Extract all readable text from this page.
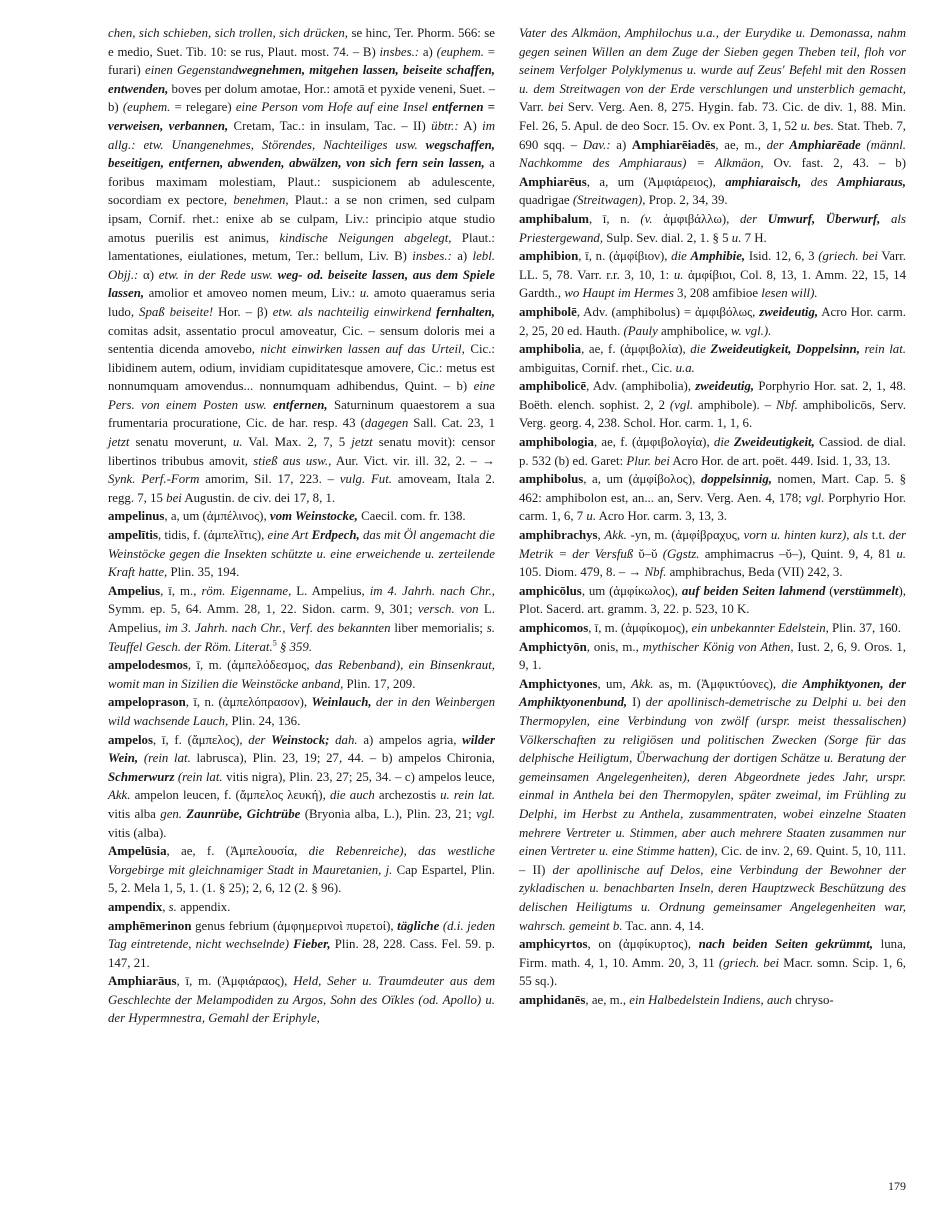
chen, sich schieben, sich trollen, sich drücken, se hinc, Ter. Phorm. 566: se e medio, Suet. Tib. 10: se rus, Plaut. most. 74. – B) insbes.: a) (euphem. = furari) einen Gegenstandwegnehmen, mitgehen lassen, beiseite schaffen, entwenden, boves per dolum amotae, Hor.: amotā et pyxide veneni, Suet. – b) (euphem. = relegare) eine Person vom Hofe auf eine Insel entfernen = verweisen, verbannen, Cretam, Tac.: in insulam, Tac. – II) übtr.: A) im allg.: etw. Unangenehmes, Störendes, Nachteiliges usw. wegschaffen, beseitigen, entfernen, abwenden, abwälzen, von sich fern sein lassen, a foribus maximam molestiam, Plaut.: suspicionem ab adulescente, socordiam ex pectore, benehmen, Plaut.: a se non crimen, sed culpam ipsam, Cornif. rhet.: enixe ab se culpam, Liv.: principio atque studio amotus puerilis est animus, kindische Neigungen abgelegt, Plaut.: lamentationes, eiulationes, metum, Ter.: bellum, Liv. B) insbes.: a) lebl. Objj.: α) etw. in der Rede usw. weg- od. beiseite lassen, aus dem Spiele lassen, amolior et amoveo nomen meum, Liv.: u. amoto quaeramus seria ludo, Spaß beiseite! Hor. – β) etw. als nachteilig einwirkend fernhalten, comitas adsit, assentatio procul amoveatur, Cic. – sensum doloris mei a sententia dicenda amovebo, nicht einwirken lassen auf das Urteil, Cic.: libidinem autem, odium, invidiam cupiditatesque amovere, Cic.: metus est nonnumquam amovendus... nonnumquam adhibendus, Quint. – b) eine Pers. von einem Posten usw. entfernen, Saturninum quaestorem a sua frumentaria procuratione, Cic. de har. resp. 43 (dagegen Sall. Cat. 23, 1 jetzt senatu moverunt, u. Val. Max. 2, 7, 5 jetzt senatu movit): censor libertinos tribubus amovit, stieß aus usw., Aur. Vict. vir. ill. 32, 2. – → Synk. Perf.-Form amorim, Sil. 17, 223. – vulg. Fut. amoveam, Itala 2. regg. 7, 15 bei Augustin. de civ. dei 17, 8, 1.

ampelinus, a, um (ἀμπέλινος), vom Weinstocke, Caecil. com. fr. 138.

ampelītis, tidis, f. (ἀμπελῖτις), eine Art Erdpech, das mit Öl angemacht die Weinstöcke gegen die Insekten schützte u. eine erweichende u. zerteilende Kraft hatte, Plin. 35, 194.

Ampelius, ī, m., röm. Eigenname, L. Ampelius, im 4. Jahrh. nach Chr., Symm. ep. 5, 64. Amm. 28, 1, 22. Sidon. carm. 9, 301; versch. von L. Ampelius, im 3. Jahrh. nach Chr., Verf. des bekannten liber memorialis; s. Teuffel Gesch. der Röm. Literat.$^5$ § 359.

ampelodesmos, ī, m. (ἀμπελόδεσμος, das Rebenband), ein Binsenkraut, womit man in Sizilien die Weinstöcke anband, Plin. 17, 209.

ampeloprason, ī, n. (ἀμπελόπρασον), Weinlauch, der in den Weinbergen wild wachsende Lauch, Plin. 24, 136.

ampelos, ī, f. (ἄμπελος), der Weinstock; dah. a) ampelos agria, wilder Wein, (rein lat. labrusca), Plin. 23, 19; 27, 44. – b) ampelos Chironia, Schmerwurz (rein lat. vitis nigra), Plin. 23, 27; 25, 34. – c) ampelos leuce, Akk. ampelon leucen, f. (ἄμπελος λευκή), die auch archezostis u. rein lat. vitis alba gen. Zaunrübe, Gichtrübe (Bryonia alba, L.), Plin. 23, 21; vgl. vitis (alba).

Ampelūsia, ae, f. (Ἀμπελουσία, die Rebenreiche), das westliche Vorgebirge mit gleichnamiger Stadt in Mauretanien, j. Cap Espartel, Plin. 5, 2. Mela 1, 5, 1. (1. § 25); 2, 6, 12 (2. § 96).

ampendix, s. appendix.

amphēmerinon genus febrium (ἀμφημερινοὶ πυρετοί), tägliche (d.i. jeden Tag eintretende, nicht wechselnde) Fieber, Plin. 28, 228. Cass. Fel. 59. p. 147, 21.

Amphiarāus, ī, m. (Ἀμφιάραος), Held, Seher u. Traumdeuter aus dem Geschlechte der Melampodiden zu Argos, Sohn des Oïkles (od. Apollo) u. der Hypermnestra, Gemahl der Eriphyle,

Vater des Alkmäon, Amphilochus u.a., der Eurydike u. Demonassa, nahm gegen seinen Willen an dem Zuge der Sieben gegen Theben teil, floh vor seinem Verfolger Polyklymenus u. wurde auf Zeus' Befehl mit den Rossen u. dem Streitwagen von der Erde verschlungen und unsterblich gemacht, Varr. bei Serv. Verg. Aen. 8, 275. Hygin. fab. 73. Cic. de div. 1, 88. Min. Fel. 26, 5. Apul. de deo Socr. 15. Ov. ex Pont. 3, 1, 52 u. bes. Stat. Theb. 7, 690 sqq. – Dav.: a) Amphiarēiadēs, ae, m., der Amphiarēade (männl. Nachkomme des Amphiaraus) = Alkmäon, Ov. fast. 2, 43. – b) Amphiarēus, a, um (Ἀμφιάρειος), amphiaraisch, des Amphiaraus, quadrigae (Streitwagen), Prop. 2, 34, 39.

amphibalum, ī, n. (v. ἀμφιβάλλω), der Umwurf, Überwurf, als Priestergewand, Sulp. Sev. dial. 2, 1. § 5 u. 7 H.

amphibion, ī, n. (ἀμφίβιον), die Amphibie, Isid. 12, 6, 3 (griech. bei Varr. LL. 5, 78. Varr. r.r. 3, 10, 1: u. ἀμφίβιοι, Col. 8, 13, 1. Amm. 22, 15, 14 Gardth., wo Haupt im Hermes 3, 208 amfibioe lesen will).

amphibolē, Adv. (amphibolus) = ἀμφιβόλως, zweideutig, Acro Hor. carm. 2, 25, 20 ed. Hauth. (Pauly amphibolice, w. vgl.).

amphibolia, ae, f. (ἀμφιβολία), die Zweideutigkeit, Doppelsinn, rein lat. ambiguitas, Cornif. rhet., Cic. u.a.

amphibolicē, Adv. (amphibolia), zweideutig, Porphyrio Hor. sat. 2, 1, 48. Boëth. elench. sophist. 2, 2 (vgl. amphibole). – Nbf. amphibolicōs, Serv. Verg. georg. 4, 238. Schol. Hor. carm. 1, 1, 6.

amphibologia, ae, f. (ἀμφιβολογία), die Zweideutigkeit, Cassiod. de dial. p. 532 (b) ed. Garet: Plur. bei Acro Hor. de art. poët. 449. Isid. 1, 33, 13.

amphibolus, a, um (ἀμφίβολος), doppelsinnig, nomen, Mart. Cap. 5. § 462: amphibolon est, an... an, Serv. Verg. Aen. 4, 178; vgl. Porphyrio Hor. carm. 1, 6, 7 u. Acro Hor. carm. 3, 13, 3.

amphibrachys, Akk. -yn, m. (ἀμφίβραχυς, vorn u. hinten kurz), als t.t. der Metrik = der Versfuß ῠ–ῠ (Ggstz. amphimacrus –ῠ–), Quint. 9, 4, 81 u. 105. Diom. 479, 8. – → Nbf. amphibrachus, Beda (VII) 242, 3.

amphicōlus, um (ἀμφίκωλος), auf beiden Seiten lahmend (verstümmelt), Plot. Sacerd. art. gramm. 3, 22. p. 523, 10 K.

amphicomos, ī, m. (ἀμφίκομος), ein unbekannter Edelstein, Plin. 37, 160.

Amphictyōn, onis, m., mythischer König von Athen, Iust. 2, 6, 9. Oros. 1, 9, 1.

Amphictyones, um, Akk. as, m. (Ἀμφικτύονες), die Amphiktyonen, der Amphiktyonenbund, I) der apollinisch-demetrische zu Delphi u. bei den Thermopylen, eine Verbindung von zwölf (urspr. meist thessalischen) Völkerschaften zu religiösen und politischen Zwecken (Sorge für das delphische Heiligtum, Überwachung der dortigen Schätze u. Beratung der gemeinsamen Angelegenheiten), deren Abgeordnete jedes Jahr, urspr. einmal in Anthela bei den Thermopylen, später zweimal, im Frühling zu Delphi, im Herbst zu Anthela, zusammentraten, wobei einzelne Staaten mehrere Vertreter u. Stimmen, aber auch mehrere Staaten zusammen nur einen Vertreter u. eine Stimme hatten), Cic. de inv. 2, 69. Quint. 5, 10, 111. – II) der apollinische auf Delos, eine Verbindung der Bewohner der zykladischen u. benachbarten Inseln, deren Hauptzweck Beschützung des delischen Heiligtums u. Ordnung gemeinsamer Angelegenheiten war, wahrsch. gemeint b. Tac. ann. 4, 14.

amphicyrtos, on (ἀμφίκυρτος), nach beiden Seiten gekrümmt, luna, Firm. math. 4, 1, 10. Amm. 20, 3, 11 (griech. bei Macr. somn. Scip. 1, 6, 55 sq.).

amphidanēs, ae, m., ein Halbedelstein Indiens, auch chryso-

179
